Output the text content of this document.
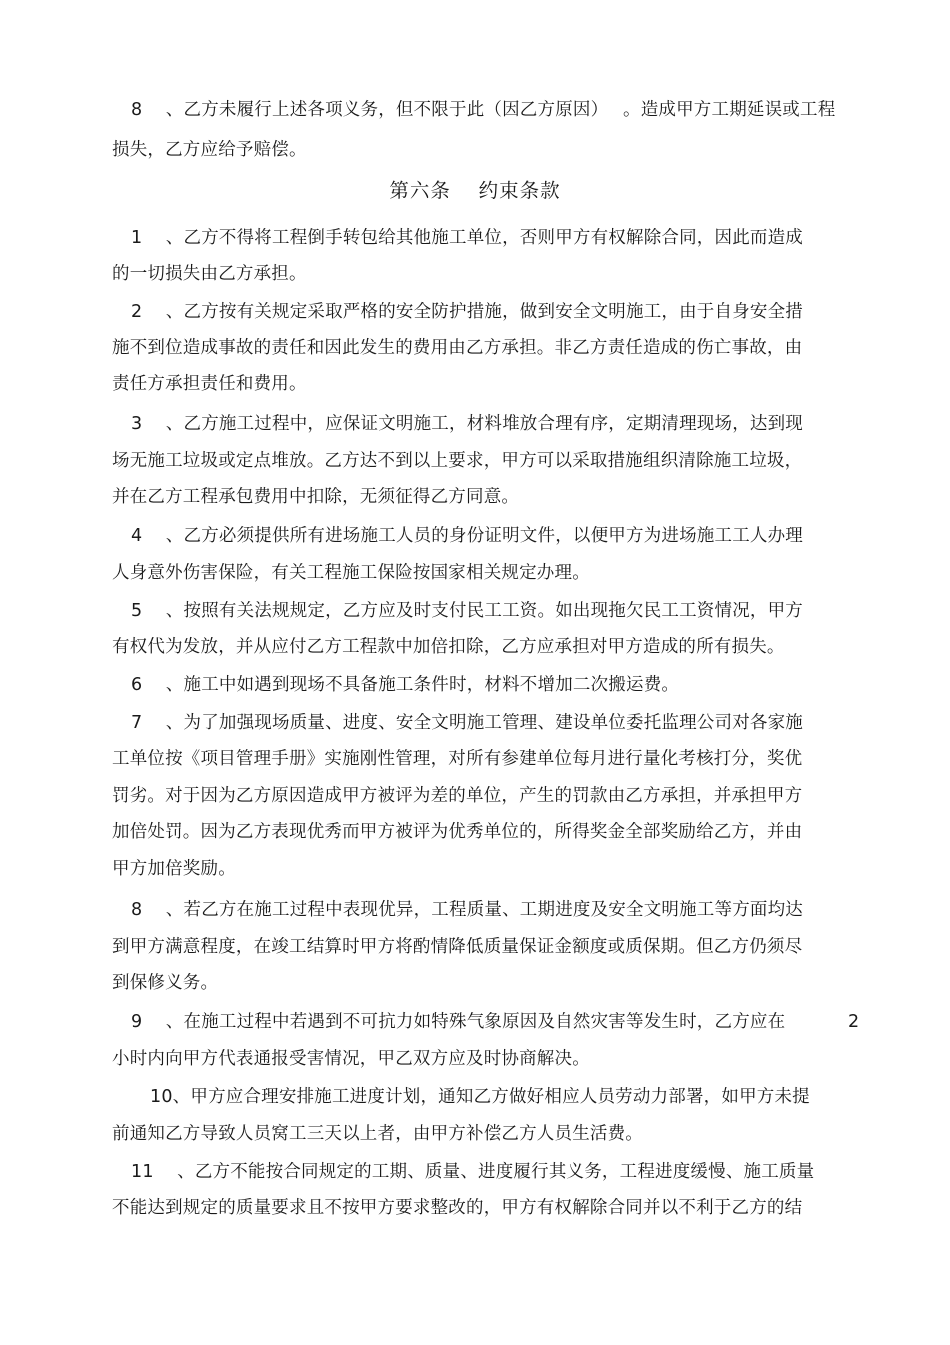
8 　、乙方未履行上述各项义务，但不限于此（因乙方原因）　 。造成甲方工期延误或工程
损失，乙方应给予赔偿。
第六条　 约束条款
1 　、乙方不得将工程倒手转包给其他施工单位，否则甲方有权解除合同，因此而造成
的一切损失由乙方承担。
2 　、乙方按有关规定采取严格的安全防护措施，做到安全文明施工，由于自身安全措
施不到位造成事故的责任和因此发生的费用由乙方承担。非乙方责任造成的伤亡事故，由
责任方承担责任和费用。
3 　、乙方施工过程中，应保证文明施工，材料堆放合理有序，定期清理现场，达到现
场无施工垃圾或定点堆放。乙方达不到以上要求，甲方可以采取措施组织清除施工垃圾，
并在乙方工程承包费用中扣除，无须征得乙方同意。
4 　、乙方必须提供所有进场施工人员的身份证明文件，以便甲方为进场施工工人办理
人身意外伤害保险，有关工程施工保险按国家相关规定办理。
5 　、按照有关法规规定，乙方应及时支付民工工资。如出现拖欠民工工资情况，甲方
有权代为发放，并从应付乙方工程款中加倍扣除，乙方应承担对甲方造成的所有损失。
6 　、施工中如遇到现场不具备施工条件时，材料不增加二次搬运费。
7 　、为了加强现场质量、进度、安全文明施工管理、建设单位委托监理公司对各家施
工单位按《项目管理手册》实施刚性管理，对所有参建单位每月进行量化考核打分，奖优
罚劣。对于因为乙方原因造成甲方被评为差的单位，产生的罚款由乙方承担，并承担甲方
加倍处罚。因为乙方表现优秀而甲方被评为优秀单位的，所得奖金全部奖励给乙方，并由
甲方加倍奖励。
8 　、若乙方在施工过程中表现优异，工程质量、工期进度及安全文明施工等方面均达
到甲方满意程度，在竣工结算时甲方将酌情降低质量保证金额度或质保期。但乙方仍须尽
到保修义务。
9 　、在施工过程中若遇到不可抗力如特殊气象原因及自然灾害等发生时，乙方应在	2
小时内向甲方代表通报受害情况，甲乙双方应及时协商解决。
10、甲方应合理安排施工进度计划，通知乙方做好相应人员劳动力部署，如甲方未提
前通知乙方导致人员窝工三天以上者，由甲方补偿乙方人员生活费。
11 　、乙方不能按合同规定的工期、质量、进度履行其义务，工程进度缓慢、施工质量
不能达到规定的质量要求且不按甲方要求整改的，甲方有权解除合同并以不利于乙方的结
